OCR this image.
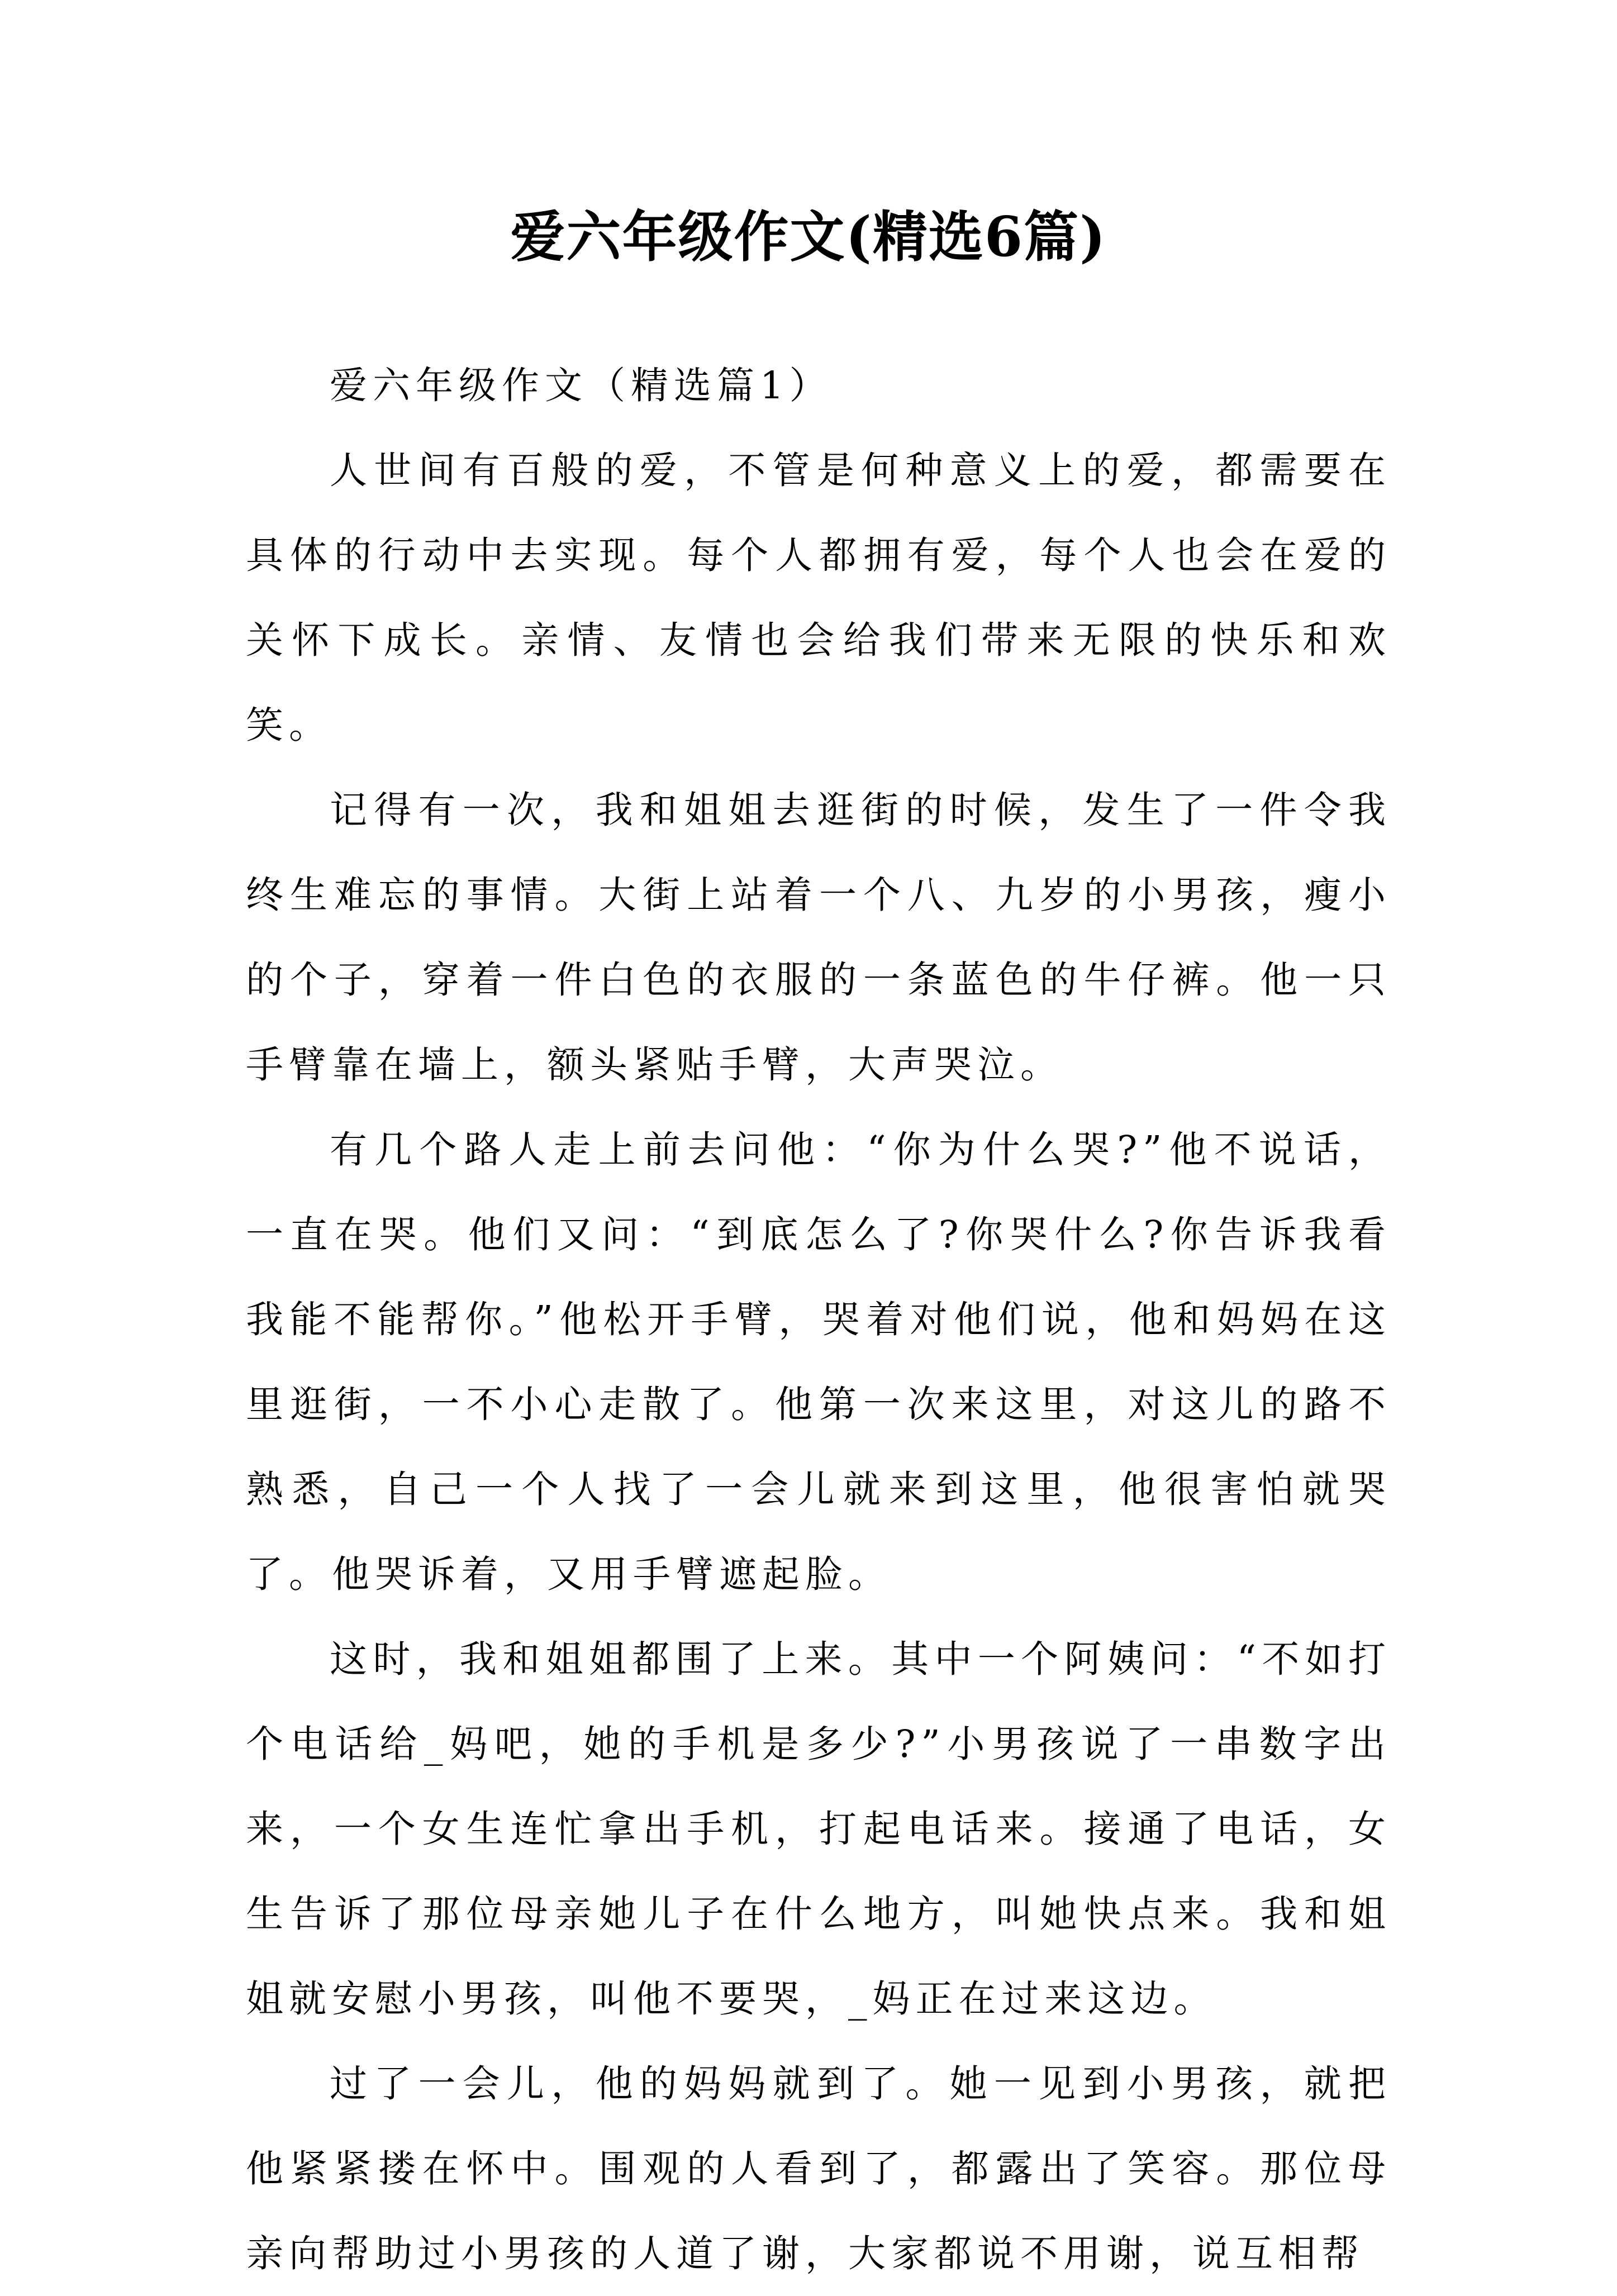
爱六年级作文(精选6篇)

爱六年级作文（精选篇1）

人世间有百般的爱，不管是何种意义上的爱，都需要在具体的行动中去实现。每个人都拥有爱，每个人也会在爱的关怀下成长。亲情、友情也会给我们带来无限的快乐和欢笑。

记得有一次，我和姐姐去逛街的时候，发生了一件令我终生难忘的事情。大街上站着一个八、九岁的小男孩，瘦小的个子，穿着一件白色的衣服的一条蓝色的牛仔裤。他一只手臂靠在墙上，额头紧贴手臂，大声哭泣。

有几个路人走上前去问他：“你为什么哭?”他不说话，一直在哭。他们又问：“到底怎么了?你哭什么?你告诉我看我能不能帮你。”他松开手臂，哭着对他们说，他和妈妈在这里逛街，一不小心走散了。他第一次来这里，对这儿的路不熟悉，自己一个人找了一会儿就来到这里，他很害怕就哭了。他哭诉着，又用手臂遮起脸。

这时，我和姐姐都围了上来。其中一个阿姨问：“不如打个电话给_妈吧，她的手机是多少?”小男孩说了一串数字出来，一个女生连忙拿出手机，打起电话来。接通了电话，女生告诉了那位母亲她儿子在什么地方，叫她快点来。我和姐姐就安慰小男孩，叫他不要哭，_妈正在过来这边。

过了一会儿，他的妈妈就到了。她一见到小男孩，就把他紧紧搂在怀中。围观的人看到了，都露出了笑容。那位母亲向帮助过小男孩的人道了谢，大家都说不用谢，说互相帮
